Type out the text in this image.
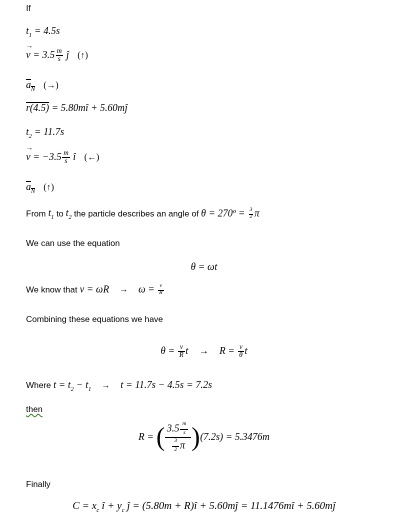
If
$t_1 = 4.5s$
→ $v = 3.5 \frac{m}{s}$ ĵ (↑)
$a_N$ (→)
r(4.5) = 5.80mî + 5.60mĵ
$t_2 = 11.7s$
→ $v = -3.5 \frac{m}{s}$ î (←)
$a_N$ (↑)
From $t_1$ to $t_2$ the particle describes an angle of θ = 270º = $\frac{3}{2}$ π
We can use the equation
θ = ωt
We know that $v = \omega R \to \omega = \frac{v}{R}$
Combining these equations we have
$\theta = \frac{v}{R}$ $t \to R = \frac{v}{\theta}$ t
Where $t = t_2 - t_1 \to t = 11.7s - 4.5s = 7.2s$
then
R = ( $\frac{3.5 \frac{m}{s}}{\frac{3}{2} \pi} )(7.2s) = 5.3476m$
Finally
$C = x_c$ î + $y_c$ ĵ = (5.80m + R)î + 5.60mĵ = 11.1476mî + 5.60mĵ
